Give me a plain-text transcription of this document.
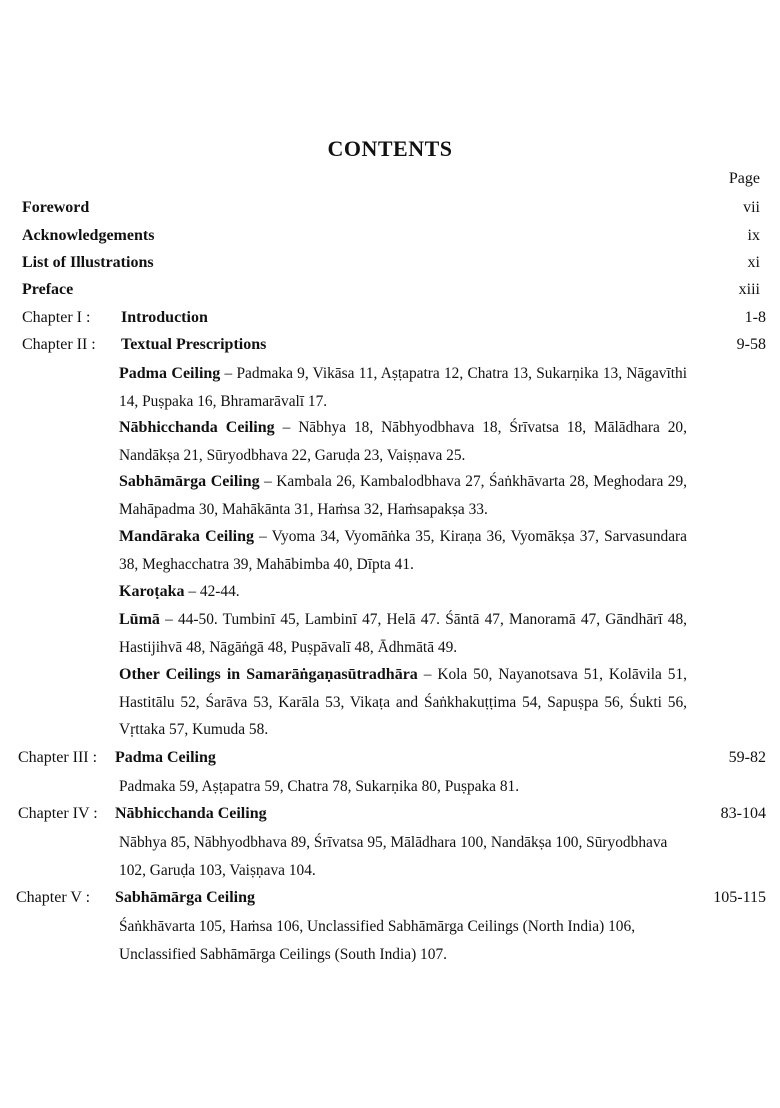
CONTENTS
Page
Foreword	vii
Acknowledgements	ix
List of Illustrations	xi
Preface	xiii
Chapter I : Introduction	1-8
Chapter II : Textual Prescriptions	9-58
Padma Ceiling – Padmaka 9, Vikāsa 11, Aṣṭapatra 12, Chatra 13, Sukarṇika 13, Nāgavīthi 14, Puṣpaka 16, Bhramarāvalī 17.
Nābhicchanda Ceiling – Nābhya 18, Nābhyodbhava 18, Śrīvatsa 18, Mālādhara 20, Nandākṣa 21, Sūryodbhava 22, Garuḍa 23, Vaiṣṇava 25.
Sabhāmārga Ceiling – Kambala 26, Kambalodbhava 27, Śaṅkhāvarta 28, Meghodara 29, Mahāpadma 30, Mahākānta 31, Haṁsa 32, Haṁsapakṣa 33.
Mandāraka Ceiling – Vyoma 34, Vyomāṅka 35, Kiraṇa 36, Vyomākṣa 37, Sarvasundara 38, Meghacchatra 39, Mahābimba 40, Dīpta 41.
Karoṭaka – 42-44.
Lūmā – 44-50. Tumbinī 45, Lambinī 47, Helā 47. Śāntā 47, Manoramā 47, Gāndhārī 48, Hastijihvā 48, Nāgāṅgā 48, Puṣpāvalī 48, Ādhmātā 49.
Other Ceilings in Samarāṅgaṇasūtradhāra – Kola 50, Nayanotsava 51, Kolāvila 51, Hastitālu 52, Śarāva 53, Karāla 53, Vikaṭa and Śaṅkhakuṭṭima 54, Sapuṣpa 56, Śukti 56, Vṛttaka 57, Kumuda 58.
Chapter III : Padma Ceiling	59-82
Padmaka 59, Aṣṭapatra 59, Chatra 78, Sukarṇika 80, Puṣpaka 81.
Chapter IV : Nābhicchanda Ceiling	83-104
Nābhya 85, Nābhyodbhava 89, Śrīvatsa 95, Mālādhara 100, Nandākṣa 100, Sūryodbhava 102, Garuḍa 103, Vaiṣṇava 104.
Chapter V : Sabhāmārga Ceiling	105-115
Śaṅkhāvarta 105, Haṁsa 106, Unclassified Sabhāmārga Ceilings (North India) 106, Unclassified Sabhāmārga Ceilings (South India) 107.
